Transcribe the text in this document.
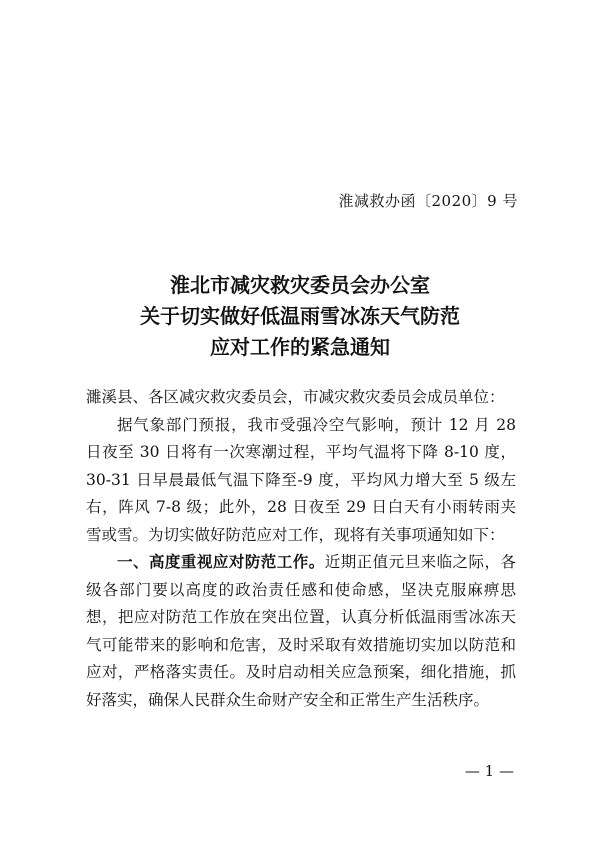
淮减救办函〔2020〕9 号
淮北市减灾救灾委员会办公室
关于切实做好低温雨雪冰冻天气防范
应对工作的紧急通知

濉溪县、各区减灾救灾委员会，市减灾救灾委员会成员单位：

据气象部门预报，我市受强冷空气影响，预计 12 月 28 日夜至 30 日将有一次寒潮过程，平均气温将下降 8-10 度，30-31 日早晨最低气温下降至-9 度，平均风力增大至 5 级左右，阵风 7-8 级；此外，28 日夜至 29 日白天有小雨转雨夹雪或雪。为切实做好防范应对工作，现将有关事项通知如下：

一、高度重视应对防范工作。近期正值元旦来临之际，各级各部门要以高度的政治责任感和使命感，坚决克服麻痹思想，把应对防范工作放在突出位置，认真分析低温雨雪冰冻天气可能带来的影响和危害，及时采取有效措施切实加以防范和应对，严格落实责任。及时启动相关应急预案，细化措施，抓好落实，确保人民群众生命财产安全和正常生产生活秩序。

— 1 —
